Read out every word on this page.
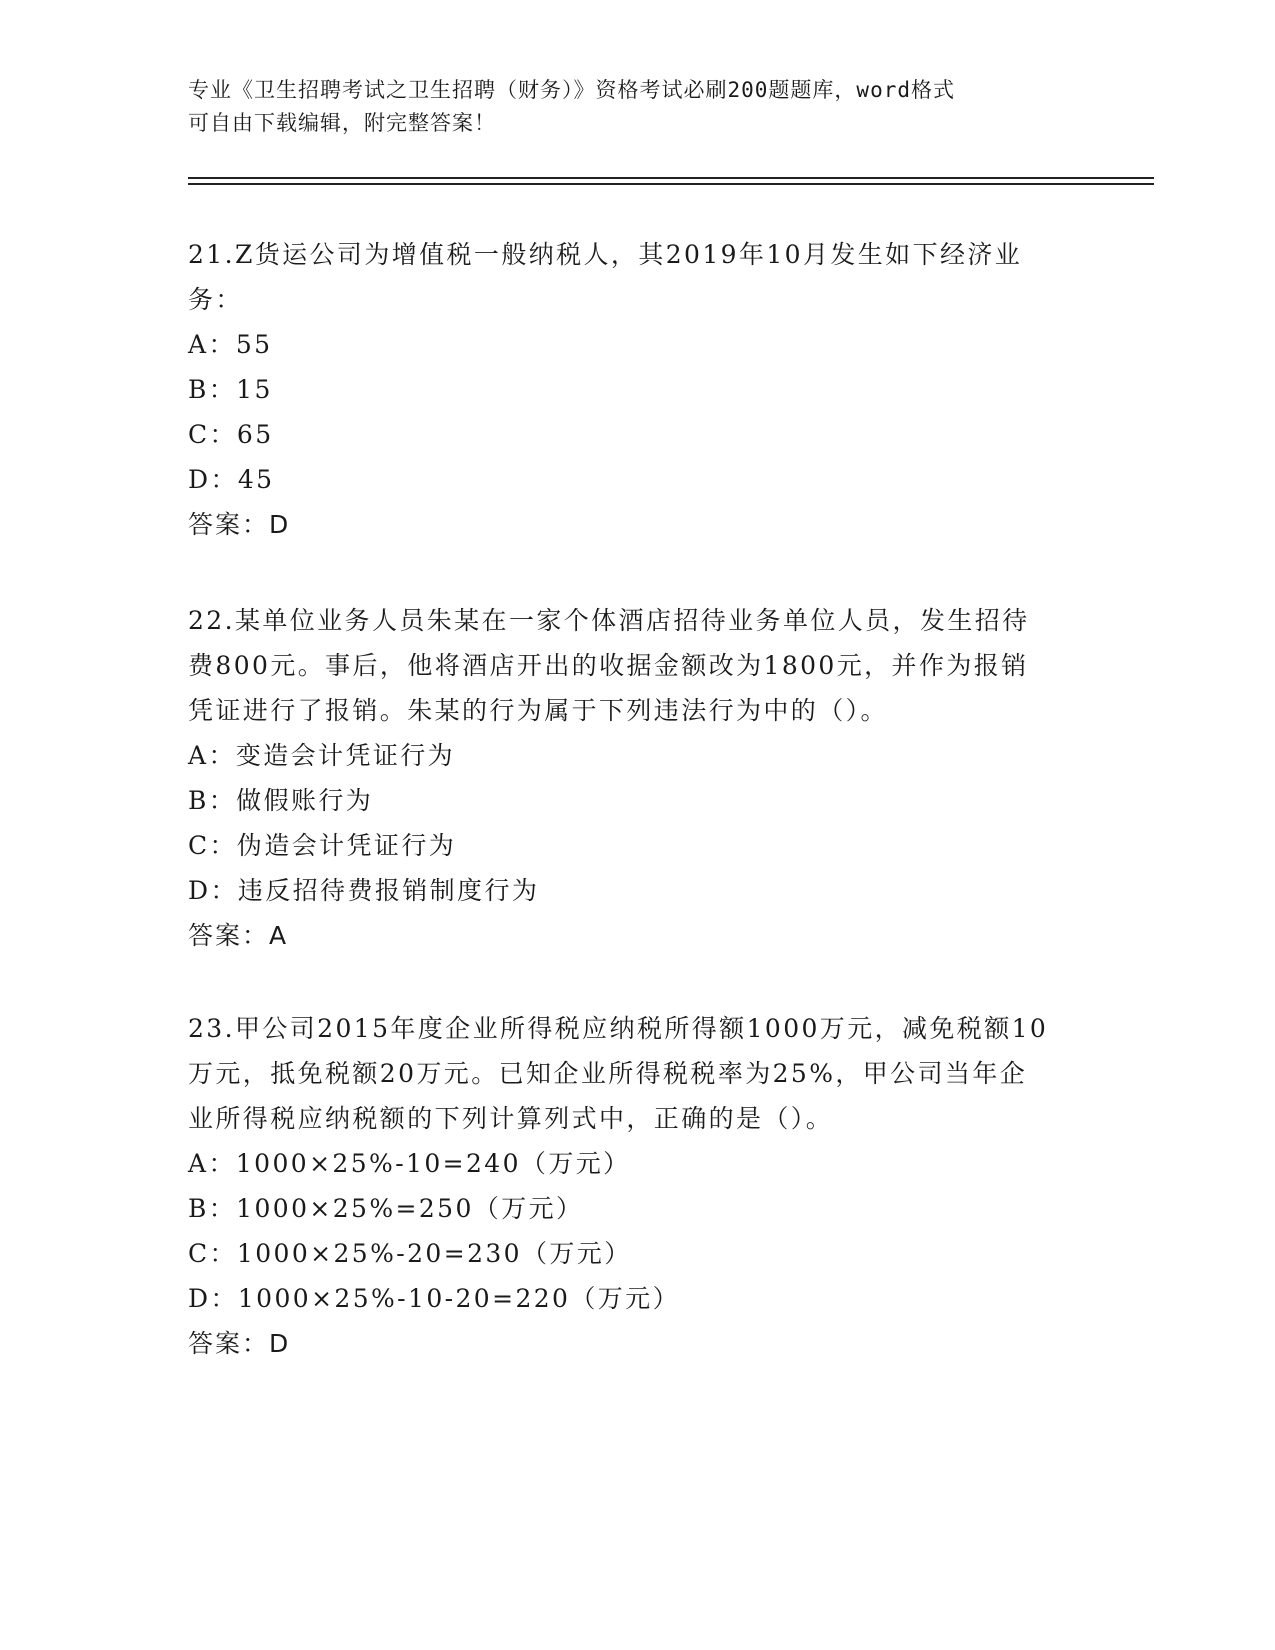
专业《卫生招聘考试之卫生招聘（财务）》资格考试必刷200题题库，word格式
可自由下载编辑，附完整答案！

21.Z货运公司为增值税一般纳税人，其2019年10月发生如下经济业

务：

A：55

B：15

C：65

D：45

答案：D

22.某单位业务人员朱某在一家个体酒店招待业务单位人员，发生招待

费800元。事后，他将酒店开出的收据金额改为1800元，并作为报销

凭证进行了报销。朱某的行为属于下列违法行为中的（）。

A：变造会计凭证行为

B：做假账行为

C：伪造会计凭证行为

D：违反招待费报销制度行为

答案：A

23.甲公司2015年度企业所得税应纳税所得额1000万元，减免税额10

万元，抵免税额20万元。已知企业所得税税率为25%，甲公司当年企

业所得税应纳税额的下列计算列式中，正确的是（）。

A：1000×25%-10=240（万元）

B：1000×25%=250（万元）

C：1000×25%-20=230（万元）

D：1000×25%-10-20=220（万元）

答案：D
